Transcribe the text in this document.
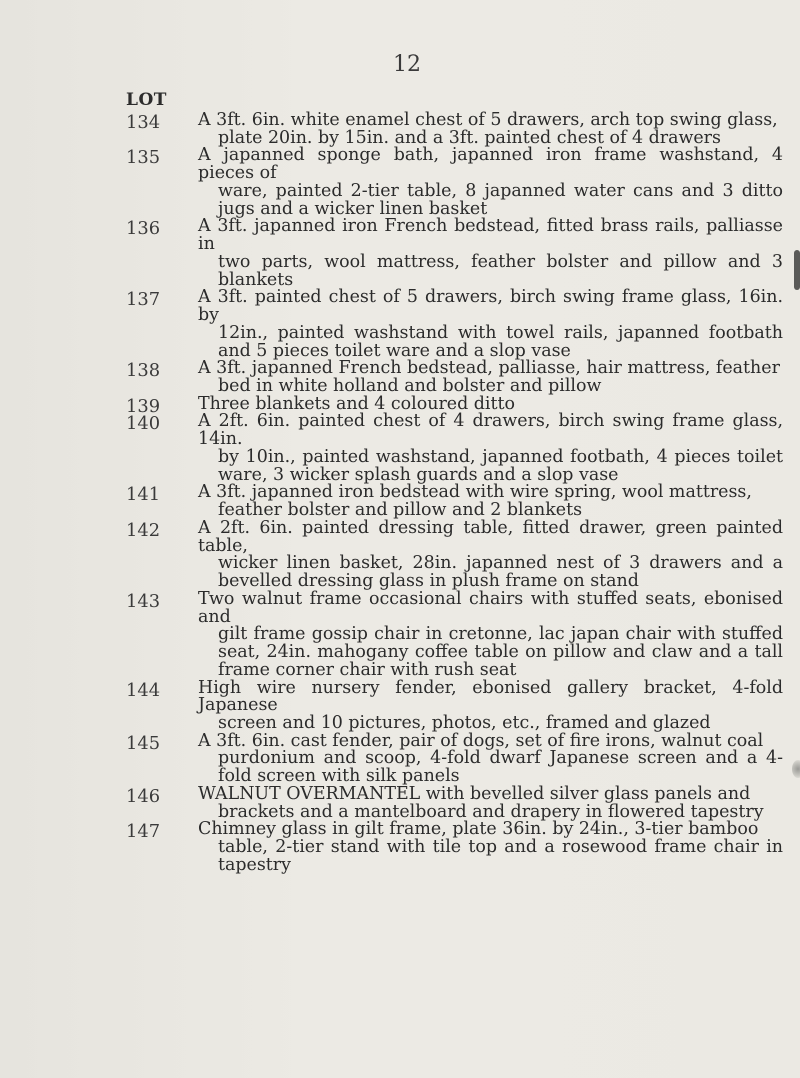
12
LOT
134	A 3ft. 6in. white enamel chest of 5 drawers, arch top swing glass,
plate 20in. by 15in. and a 3ft. painted chest of 4 drawers
135	A japanned sponge bath, japanned iron frame washstand, 4 pieces of
ware, painted 2-tier table, 8 japanned water cans and 3 ditto jugs and a wicker linen basket
136	A 3ft. japanned iron French bedstead, fitted brass rails, palliasse in
two parts, wool mattress, feather bolster and pillow and 3 blankets
137	A 3ft. painted chest of 5 drawers, birch swing frame glass, 16in. by
12in., painted washstand with towel rails, japanned footbath and 5 pieces toilet ware and a slop vase
138	A 3ft. japanned French bedstead, palliasse, hair mattress, feather
bed in white holland and bolster and pillow
139	Three blankets and 4 coloured ditto
140	A 2ft. 6in. painted chest of 4 drawers, birch swing frame glass, 14in.
by 10in., painted washstand, japanned footbath, 4 pieces toilet ware, 3 wicker splash guards and a slop vase
141	A 3ft. japanned iron bedstead with wire spring, wool mattress,
feather bolster and pillow and 2 blankets
142	A 2ft. 6in. painted dressing table, fitted drawer, green painted table,
wicker linen basket, 28in. japanned nest of 3 drawers and a bevelled dressing glass in plush frame on stand
143	Two walnut frame occasional chairs with stuffed seats, ebonised and
gilt frame gossip chair in cretonne, lac japan chair with stuffed seat, 24in. mahogany coffee table on pillow and claw and a tall frame corner chair with rush seat
144	High wire nursery fender, ebonised gallery bracket, 4-fold Japanese
screen and 10 pictures, photos, etc., framed and glazed
145	A 3ft. 6in. cast fender, pair of dogs, set of fire irons, walnut coal
purdonium and scoop, 4-fold dwarf Japanese screen and a 4-fold screen with silk panels
146	WALNUT OVERMANTEL with bevelled silver glass panels and
brackets and a mantelboard and drapery in flowered tapestry
147	Chimney glass in gilt frame, plate 36in. by 24in., 3-tier bamboo
table, 2-tier stand with tile top and a rosewood frame chair in tapestry
